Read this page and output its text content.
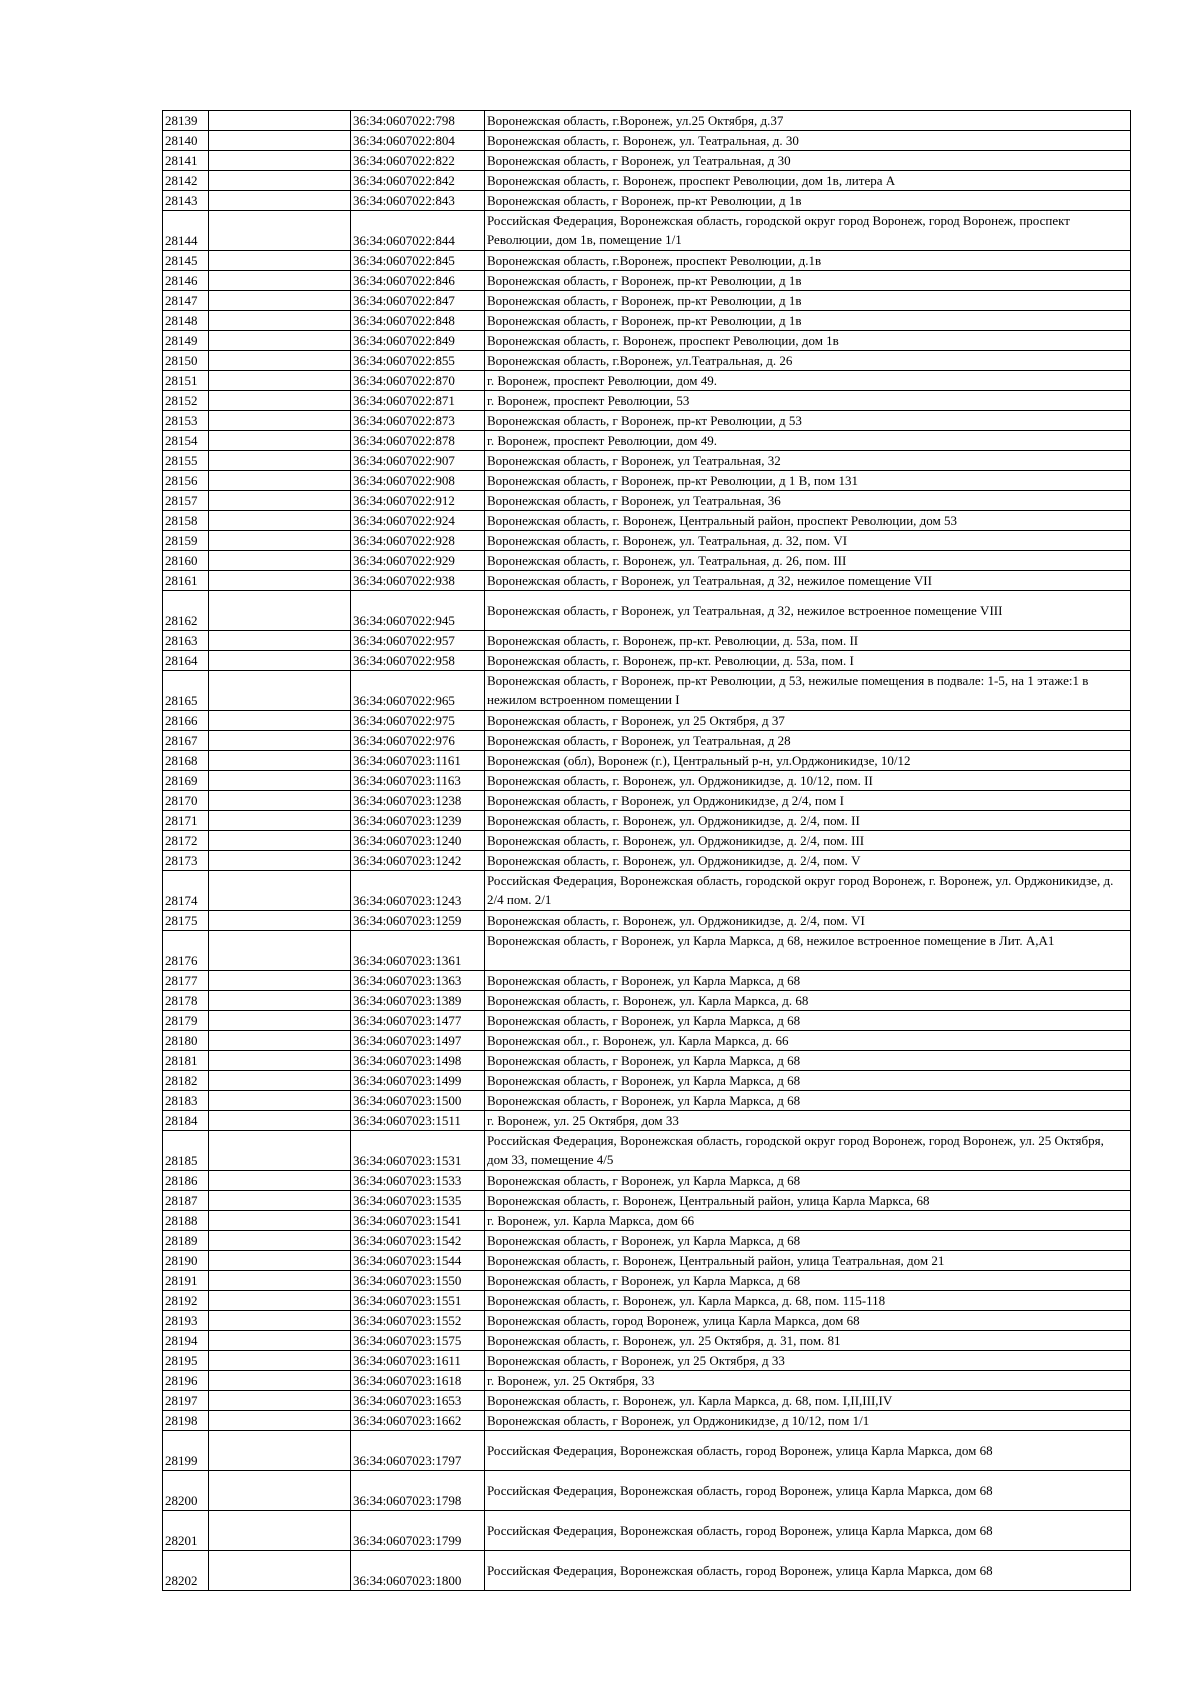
28139		36:34:0607022:798	Воронежская область, г.Воронеж, ул.25 Октября, д.37
28140		36:34:0607022:804	Воронежская область, г. Воронеж, ул. Театральная, д. 30
28141		36:34:0607022:822	Воронежская область, г Воронеж, ул Театральная, д 30
28142		36:34:0607022:842	Воронежская область, г. Воронеж, проспект Революции, дом 1в, литера А
28143		36:34:0607022:843	Воронежская область, г Воронеж, пр-кт Революции, д 1в
28144		36:34:0607022:844	Российская Федерация, Воронежская область, городской округ город Воронеж, город Воронеж, проспект Революции, дом 1в, помещение 1/1
28145		36:34:0607022:845	Воронежская область, г.Воронеж, проспект Революции, д.1в
28146		36:34:0607022:846	Воронежская область, г Воронеж, пр-кт Революции, д 1в
28147		36:34:0607022:847	Воронежская область, г Воронеж, пр-кт Революции, д 1в
28148		36:34:0607022:848	Воронежская область, г Воронеж, пр-кт Революции, д 1в
28149		36:34:0607022:849	Воронежская область, г. Воронеж, проспект Революции, дом 1в
28150		36:34:0607022:855	Воронежская область, г.Воронеж, ул.Театральная, д. 26
28151		36:34:0607022:870	г. Воронеж, проспект Революции, дом 49.
28152		36:34:0607022:871	г. Воронеж, проспект Революции, 53
28153		36:34:0607022:873	Воронежская область, г Воронеж, пр-кт Революции, д 53
28154		36:34:0607022:878	г. Воронеж, проспект Революции, дом 49.
28155		36:34:0607022:907	Воронежская область, г Воронеж, ул Театральная, 32
28156		36:34:0607022:908	Воронежская область, г Воронеж, пр-кт Революции, д 1 В, пом 131
28157		36:34:0607022:912	Воронежская область, г Воронеж, ул Театральная, 36
28158		36:34:0607022:924	Воронежская область, г. Воронеж, Центральный район, проспект Революции, дом 53
28159		36:34:0607022:928	Воронежская область, г. Воронеж, ул. Театральная, д. 32, пом. VI
28160		36:34:0607022:929	Воронежская область, г. Воронеж, ул. Театральная, д. 26, пом. III
28161		36:34:0607022:938	Воронежская область, г Воронеж, ул Театральная, д 32, нежилое помещение VII
28162		36:34:0607022:945	Воронежская область, г Воронеж, ул Театральная, д 32, нежилое встроенное помещение VIII
28163		36:34:0607022:957	Воронежская область, г. Воронеж, пр-кт. Революции, д. 53а, пом. II
28164		36:34:0607022:958	Воронежская область, г. Воронеж, пр-кт. Революции, д. 53а, пом. I
28165		36:34:0607022:965	Воронежская область, г Воронеж, пр-кт Революции, д 53, нежилые помещения в подвале: 1-5, на 1 этаже:1 в нежилом встроенном помещении I
28166		36:34:0607022:975	Воронежская область, г Воронеж, ул 25 Октября, д 37
28167		36:34:0607022:976	Воронежская область, г Воронеж, ул Театральная, д 28
28168		36:34:0607023:1161	Воронежская (обл), Воронеж (г.), Центральный р-н, ул.Орджоникидзе, 10/12
28169		36:34:0607023:1163	Воронежская область, г. Воронеж, ул. Орджоникидзе, д. 10/12, пом. II
28170		36:34:0607023:1238	Воронежская область, г Воронеж, ул Орджоникидзе, д 2/4, пом I
28171		36:34:0607023:1239	Воронежская область, г. Воронеж, ул. Орджоникидзе, д. 2/4, пом. II
28172		36:34:0607023:1240	Воронежская область, г. Воронеж, ул. Орджоникидзе, д. 2/4, пом. III
28173		36:34:0607023:1242	Воронежская область, г. Воронеж, ул. Орджоникидзе, д. 2/4, пом. V
28174		36:34:0607023:1243	Российская Федерация, Воронежская область, городской округ город Воронеж, г. Воронеж, ул. Орджоникидзе, д. 2/4 пом. 2/1
28175		36:34:0607023:1259	Воронежская область, г. Воронеж, ул. Орджоникидзе, д. 2/4, пом. VI
28176		36:34:0607023:1361	Воронежская область, г Воронеж, ул Карла Маркса, д 68, нежилое встроенное помещение в Лит. А,А1
28177		36:34:0607023:1363	Воронежская область, г Воронеж, ул Карла Маркса, д 68
28178		36:34:0607023:1389	Воронежская область, г. Воронеж, ул. Карла Маркса, д. 68
28179		36:34:0607023:1477	Воронежская область, г Воронеж, ул Карла Маркса, д 68
28180		36:34:0607023:1497	Воронежская обл., г. Воронеж, ул. Карла Маркса, д. 66
28181		36:34:0607023:1498	Воронежская область, г Воронеж, ул Карла Маркса, д 68
28182		36:34:0607023:1499	Воронежская область, г Воронеж, ул Карла Маркса, д 68
28183		36:34:0607023:1500	Воронежская область, г Воронеж, ул Карла Маркса, д 68
28184		36:34:0607023:1511	г. Воронеж, ул. 25 Октября, дом 33
28185		36:34:0607023:1531	Российская Федерация, Воронежская область, городской округ город Воронеж, город Воронеж, ул. 25 Октября, дом 33, помещение 4/5
28186		36:34:0607023:1533	Воронежская область, г Воронеж, ул Карла Маркса, д 68
28187		36:34:0607023:1535	Воронежская область, г. Воронеж, Центральный район, улица Карла Маркса, 68
28188		36:34:0607023:1541	г. Воронеж, ул. Карла Маркса, дом 66
28189		36:34:0607023:1542	Воронежская область, г Воронеж, ул Карла Маркса, д 68
28190		36:34:0607023:1544	Воронежская область, г. Воронеж, Центральный район, улица Театральная, дом 21
28191		36:34:0607023:1550	Воронежская область, г Воронеж, ул Карла Маркса, д 68
28192		36:34:0607023:1551	Воронежская область, г. Воронеж, ул. Карла Маркса, д. 68, пом. 115-118
28193		36:34:0607023:1552	Воронежская область, город Воронеж, улица Карла Маркса, дом 68
28194		36:34:0607023:1575	Воронежская область, г. Воронеж, ул. 25 Октября, д. 31, пом. 81
28195		36:34:0607023:1611	Воронежская область, г Воронеж, ул 25 Октября, д 33
28196		36:34:0607023:1618	г. Воронеж, ул. 25 Октября, 33
28197		36:34:0607023:1653	Воронежская область, г. Воронеж, ул. Карла Маркса, д. 68, пом. I,II,III,IV
28198		36:34:0607023:1662	Воронежская область, г Воронеж, ул Орджоникидзе, д 10/12, пом 1/1
28199		36:34:0607023:1797	Российская Федерация, Воронежская область, город Воронеж, улица Карла Маркса, дом 68
28200		36:34:0607023:1798	Российская Федерация, Воронежская область, город Воронеж, улица Карла Маркса, дом 68
28201		36:34:0607023:1799	Российская Федерация, Воронежская область, город Воронеж, улица Карла Маркса, дом 68
28202		36:34:0607023:1800	Российская Федерация, Воронежская область, город Воронеж, улица Карла Маркса, дом 68
